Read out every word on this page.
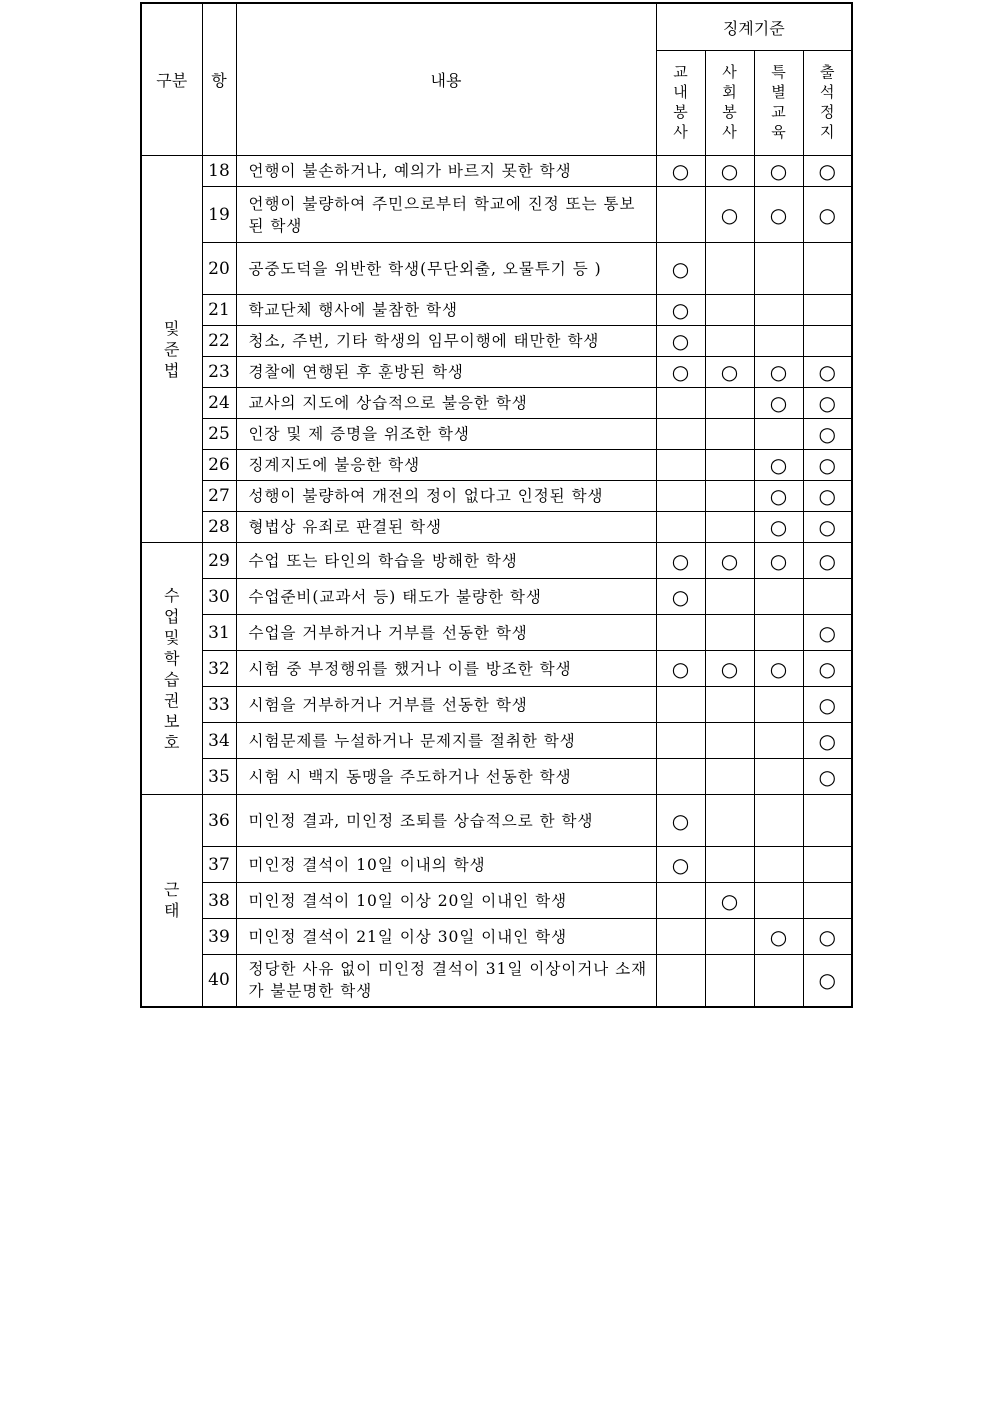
구분	항	내용	징계기준			
			교내봉사	사회봉사	특별교육	출석정지
및준법	18	언행이 불손하거나, 예의가 바르지 못한 학생	○	○	○	○
	19	언행이 불량하여 주민으로부터 학교에 진정 또는 통보된 학생		○	○	○
	20	공중도덕을 위반한 학생(무단외출, 오물투기 등 )	○			
	21	학교단체 행사에 불참한 학생	○			
	22	청소, 주번, 기타 학생의 임무이행에 태만한 학생	○			
	23	경찰에 연행된 후 훈방된 학생	○	○	○	○
	24	교사의 지도에 상습적으로 불응한 학생			○	○
	25	인장 및 제 증명을 위조한 학생				○
	26	징계지도에 불응한 학생			○	○
	27	성행이 불량하여 개전의 정이 없다고 인정된 학생			○	○
	28	형법상 유죄로 판결된 학생			○	○
수업및학습권보호	29	수업 또는 타인의 학습을 방해한 학생	○	○	○	○
	30	수업준비(교과서 등) 태도가 불량한 학생	○			
	31	수업을 거부하거나 거부를 선동한 학생				○
	32	시험 중 부정행위를 했거나 이를 방조한 학생	○	○	○	○
	33	시험을 거부하거나 거부를 선동한 학생				○
	34	시험문제를 누설하거나 문제지를 절취한 학생				○
	35	시험 시 백지 동맹을 주도하거나 선동한 학생				○
근태	36	미인정 결과, 미인정 조퇴를 상습적으로 한 학생	○			
	37	미인정 결석이 10일 이내의 학생	○			
	38	미인정 결석이 10일 이상 20일 이내인 학생		○		
	39	미인정 결석이 21일 이상 30일 이내인 학생			○	○
	40	정당한 사유 없이 미인정 결석이 31일 이상이거나 소재가 불분명한 학생				○
